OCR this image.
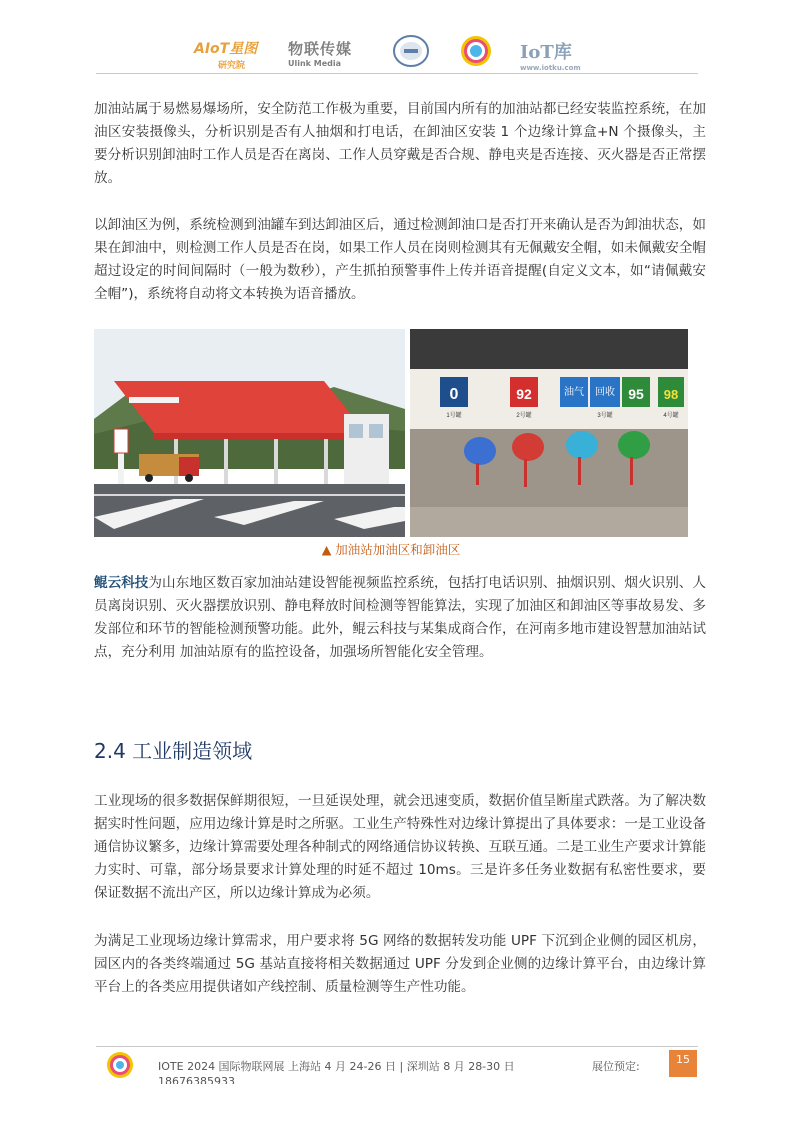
AIoT星图
研究院
物联传媒
Ulink Media
IoT库
www.iotku.com

加油站属于易燃易爆场所，安全防范工作极为重要，目前国内所有的加油站都已经安装监控系统，在加油区安装摄像头，分析识别是否有人抽烟和打电话，在卸油区安装 1 个边缘计算盒+N 个摄像头，主要分析识别卸油时工作人员是否在离岗、工作人员穿戴是否合规、静电夹是否连接、灭火器是否正常摆放。

以卸油区为例，系统检测到油罐车到达卸油区后，通过检测卸油口是否打开来确认是否为卸油状态，如果在卸油中，则检测工作人员是否在岗，如果工作人员在岗则检测其有无佩戴安全帽，如未佩戴安全帽超过设定的时间间隔时（一般为数秒），产生抓拍预警事件上传并语音提醒(自定义文本，如“请佩戴安全帽”)，系统将自动将文本转换为语音播放。

0	92	油气 回收 95 98
1号罐	2号罐	3号罐	4号罐
▲ 加油站加油区和卸油区

鲲云科技为山东地区数百家加油站建设智能视频监控系统，包括打电话识别、抽烟识别、烟火识别、人员离岗识别、灭火器摆放识别、静电释放时间检测等智能算法，实现了加油区和卸油区等事故易发、多发部位和环节的智能检测预警功能。此外，鲲云科技与某集成商合作，在河南多地市建设智慧加油站试点，充分利用 加油站原有的监控设备，加强场所智能化安全管理。

2.4 工业制造领域

工业现场的很多数据保鲜期很短，一旦延误处理，就会迅速变质，数据价值呈断崖式跌落。为了解决数据实时性问题，应用边缘计算是时之所驱。工业生产特殊性对边缘计算提出了具体要求：一是工业设备通信协议繁多，边缘计算需要处理各种制式的网络通信协议转换、互联互通。二是工业生产要求计算能力实时、可靠，部分场景要求计算处理的时延不超过 10ms。三是许多任务业数据有私密性要求，要保证数据不流出产区，所以边缘计算成为必须。

为满足工业现场边缘计算需求，用户要求将 5G 网络的数据转发功能 UPF 下沉到企业侧的园区机房，园区内的各类终端通过 5G 基站直接将相关数据通过 UPF 分发到企业侧的边缘计算平台，由边缘计算平台上的各类应用提供诸如产线控制、质量检测等生产性功能。

IOTE 2024 国际物联网展 上海站 4 月 24-26 日 | 深圳站 8 月 28-30 日
18676385933
展位预定:
15
